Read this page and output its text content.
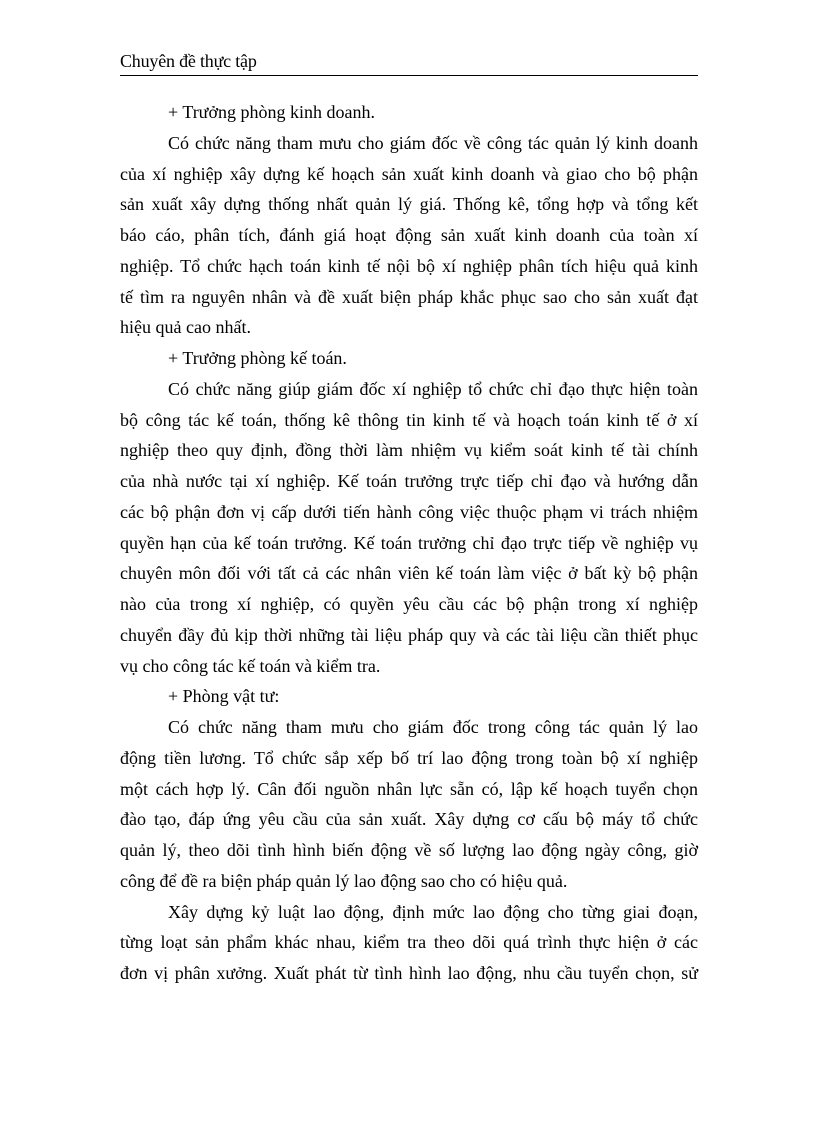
Chuyên đề thực tập
+ Trưởng phòng kinh doanh.
Có chức năng tham mưu cho giám đốc về công tác quản lý kinh doanh
của xí nghiệp xây dựng kế hoạch sản xuất kinh doanh và giao cho bộ phận
sản xuất xây dựng thống nhất quản lý giá. Thống kê, tổng hợp và tổng kết
báo cáo, phân tích, đánh giá hoạt động sản xuất kinh doanh của toàn xí
nghiệp. Tổ chức hạch toán kinh tế nội bộ xí nghiệp phân tích hiệu quả kinh
tế tìm ra nguyên nhân và đề xuất biện pháp khắc phục sao cho sản xuất đạt
hiệu quả cao nhất.
+ Trưởng phòng kế toán.
Có chức năng giúp giám đốc xí nghiệp tổ chức chỉ đạo thực hiện toàn
bộ công tác kế toán, thống kê thông tin kinh tế và hoạch toán kinh tế ở xí
nghiệp theo quy định, đồng thời làm nhiệm vụ kiểm soát kinh tế tài chính
của nhà nước tại xí nghiệp. Kế toán trưởng trực tiếp chỉ đạo và hướng dẫn
các bộ phận đơn vị cấp dưới tiến hành công việc thuộc phạm vi trách nhiệm
quyền hạn của kế toán trưởng. Kế toán trưởng chỉ đạo trực tiếp về nghiệp vụ
chuyên môn đối với tất cả các nhân viên kế toán làm việc ở bất kỳ bộ phận
nào của trong xí nghiệp, có quyền yêu cầu các bộ phận trong xí nghiệp
chuyển đầy đủ kịp thời những tài liệu pháp quy và các tài liệu cần thiết phục
vụ cho công tác kế toán và kiểm tra.
+ Phòng vật tư:
Có chức năng tham mưu cho giám đốc trong công tác quản lý lao
động tiền lương. Tổ chức sắp xếp bố trí lao động trong toàn bộ xí nghiệp
một cách hợp lý. Cân đối nguồn nhân lực sẵn có, lập kế hoạch tuyển chọn
đào tạo, đáp ứng yêu cầu của sản xuất. Xây dựng cơ cấu bộ máy tổ chức
quản lý, theo dõi tình hình biến động về số lượng lao động ngày công, giờ
công để đề ra biện pháp quản lý lao động sao cho có hiệu quả.
Xây dựng kỷ luật lao động, định mức lao động cho từng giai đoạn,
từng loạt sản phẩm khác nhau, kiểm tra theo dõi quá trình thực hiện ở các
đơn vị phân xưởng. Xuất phát từ tình hình lao động, nhu cầu tuyển chọn, sử
